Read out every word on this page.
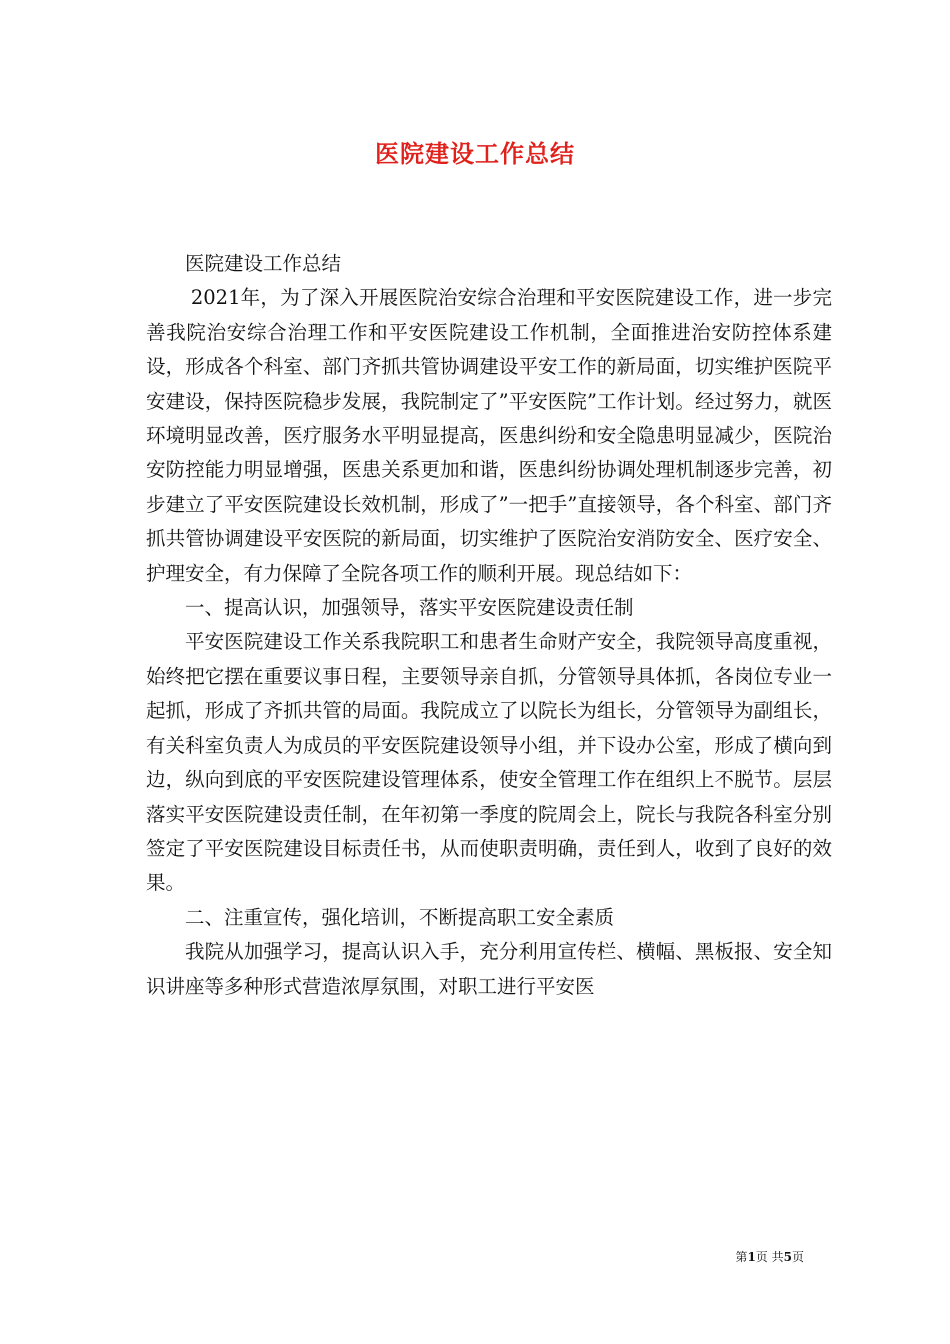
医院建设工作总结

医院建设工作总结

2021年，为了深入开展医院治安综合治理和平安医院建设工作，进一步完善我院治安综合治理工作和平安医院建设工作机制，全面推进治安防控体系建设，形成各个科室、部门齐抓共管协调建设平安工作的新局面，切实维护医院平安建设，保持医院稳步发展，我院制定了”平安医院”工作计划。经过努力，就医环境明显改善，医疗服务水平明显提高，医患纠纷和安全隐患明显减少，医院治安防控能力明显增强，医患关系更加和谐，医患纠纷协调处理机制逐步完善，初步建立了平安医院建设长效机制，形成了”一把手”直接领导，各个科室、部门齐抓共管协调建设平安医院的新局面，切实维护了医院治安消防安全、医疗安全、护理安全，有力保障了全院各项工作的顺利开展。现总结如下：

一、提高认识，加强领导，落实平安医院建设责任制

平安医院建设工作关系我院职工和患者生命财产安全，我院领导高度重视，始终把它摆在重要议事日程，主要领导亲自抓，分管领导具体抓，各岗位专业一起抓，形成了齐抓共管的局面。我院成立了以院长为组长，分管领导为副组长，有关科室负责人为成员的平安医院建设领导小组，并下设办公室，形成了横向到边，纵向到底的平安医院建设管理体系，使安全管理工作在组织上不脱节。层层落实平安医院建设责任制，在年初第一季度的院周会上，院长与我院各科室分别签定了平安医院建设目标责任书，从而使职责明确，责任到人，收到了良好的效果。

二、注重宣传，强化培训，不断提高职工安全素质

我院从加强学习，提高认识入手，充分利用宣传栏、横幅、黑板报、安全知识讲座等多种形式营造浓厚氛围，对职工进行平安医

第1页 共5页
